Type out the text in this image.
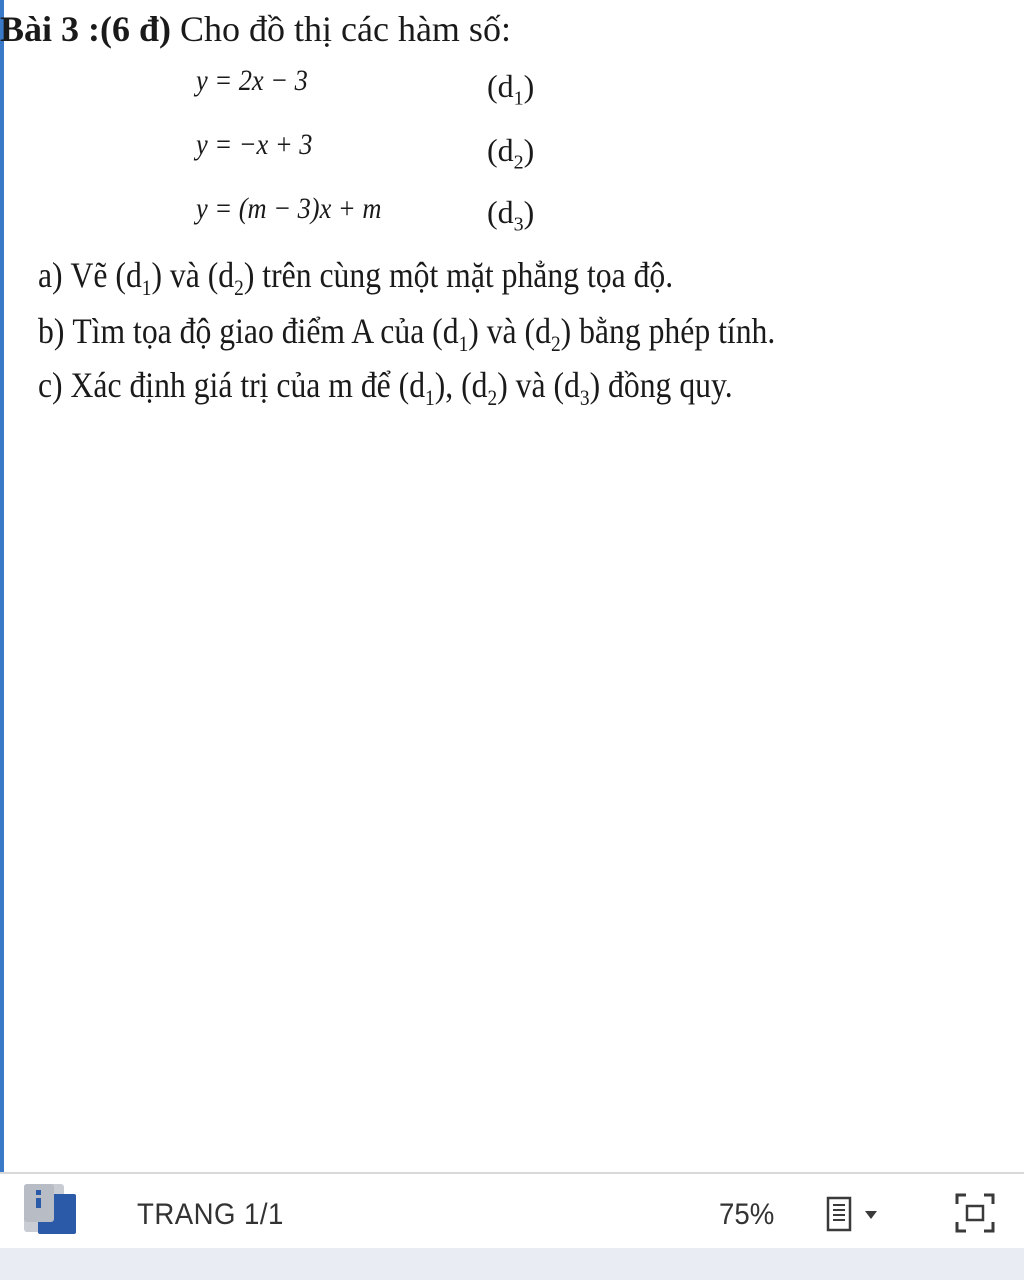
Bài 3 :(6 đ) Cho đồ thị các hàm số:
y = 2x − 3	$(d_1)$
y = −x + 3	$(d_2)$
y = (m − 3)x + m	$(d_3)$
a) Vẽ $(d_1)$ và $(d_2)$ trên cùng một mặt phẳng tọa độ.
b) Tìm tọa độ giao điểm A của $(d_1)$ và $(d_2)$ bằng phép tính.
c) Xác định giá trị của m để $(d_1)$, $(d_2)$ và $(d_3)$ đồng quy.
TRANG 1/1	75%
